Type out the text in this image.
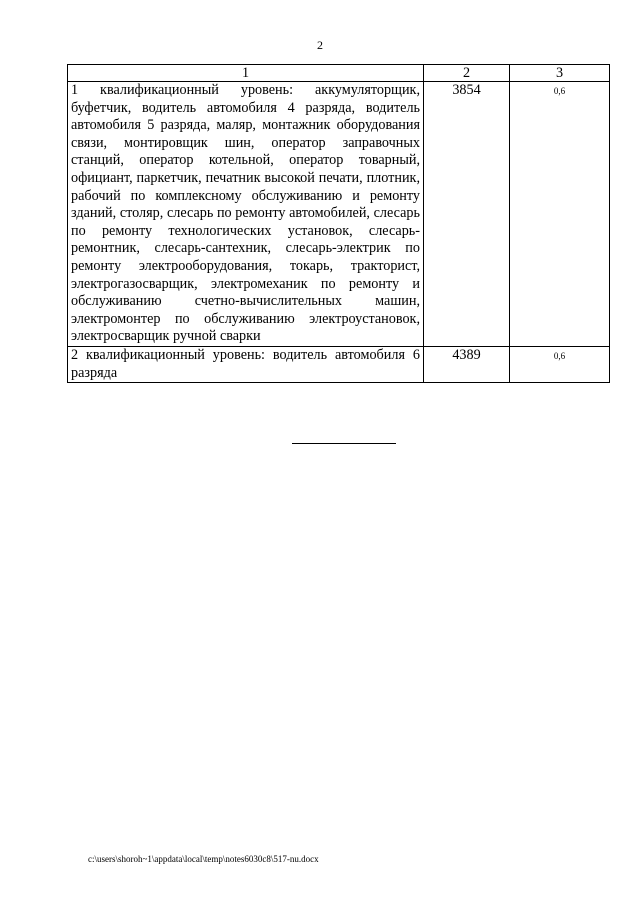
2
1	2	3
1 квалификационный уровень: аккумуляторщик, буфетчик, водитель автомобиля 4 разряда, водитель автомобиля 5 разряда, маляр, монтажник оборудования связи, монтировщик шин, оператор заправочных станций, оператор котельной, оператор товарный, официант, паркетчик, печатник высокой печати, плотник, рабочий по комплексному обслуживанию и ремонту зданий, столяр, слесарь по ремонту автомобилей, слесарь по ремонту технологических установок, слесарь-ремонтник, слесарь-сантехник, слесарь-электрик по ремонту электрооборудования, токарь, тракторист, электрогазосварщик, электромеханик по ремонту и обслуживанию счетно-вычислительных машин, электромонтер по обслуживанию электроустановок, электросварщик ручной сварки	3854	0,6
2 квалификационный уровень: водитель автомобиля 6 разряда	4389	0,6
c:\users\shoroh~1\appdata\local\temp\notes6030c8\517-nu.docx
